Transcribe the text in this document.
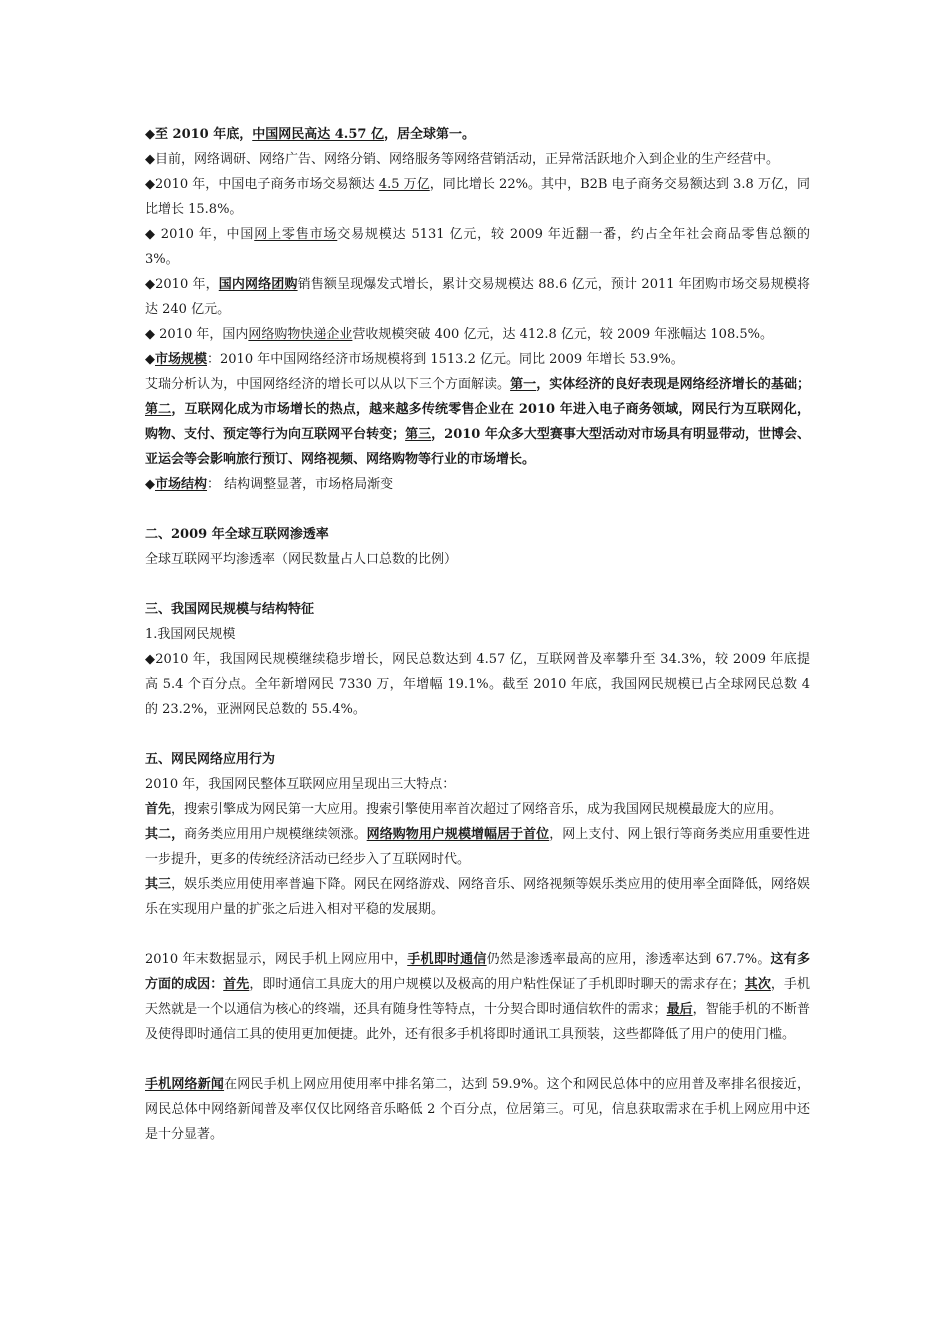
◆至 2010 年底，中国网民高达 4.57 亿，居全球第一。

◆目前，网络调研、网络广告、网络分销、网络服务等网络营销活动，正异常活跃地介入到企业的生产经营中。

◆2010 年，中国电子商务市场交易额达 4.5 万亿，同比增长 22%。其中，B2B 电子商务交易额达到 3.8 万亿，同比增长 15.8%。

◆ 2010 年，中国网上零售市场交易规模达 5131 亿元，较 2009 年近翻一番，约占全年社会商品零售总额的 3%。

◆2010 年，国内网络团购销售额呈现爆发式增长，累计交易规模达 88.6 亿元，预计 2011 年团购市场交易规模将达 240 亿元。

◆ 2010 年，国内网络购物快递企业营收规模突破 400 亿元，达 412.8 亿元，较 2009 年涨幅达 108.5%。

◆市场规模：2010 年中国网络经济市场规模将到 1513.2 亿元。同比 2009 年增长 53.9%。

艾瑞分析认为，中国网络经济的增长可以从以下三个方面解读。第一，实体经济的良好表现是网络经济增长的基础；第二，互联网化成为市场增长的热点，越来越多传统零售企业在 2010 年进入电子商务领域，网民行为互联网化，购物、支付、预定等行为向互联网平台转变；第三，2010 年众多大型赛事大型活动对市场具有明显带动，世博会、亚运会等会影响旅行预订、网络视频、网络购物等行业的市场增长。

◆市场结构： 结构调整显著，市场格局渐变

二、2009 年全球互联网渗透率

全球互联网平均渗透率（网民数量占人口总数的比例）

三、我国网民规模与结构特征

1.我国网民规模

◆2010 年，我国网民规模继续稳步增长，网民总数达到 4.57 亿，互联网普及率攀升至 34.3%，较 2009 年底提高 5.4 个百分点。全年新增网民 7330 万，年增幅 19.1%。截至 2010 年底，我国网民规模已占全球网民总数 4 的 23.2%，亚洲网民总数的 55.4%。

五、网民网络应用行为

2010 年，我国网民整体互联网应用呈现出三大特点：

首先，搜索引擎成为网民第一大应用。搜索引擎使用率首次超过了网络音乐，成为我国网民规模最庞大的应用。

其二，商务类应用用户规模继续领涨。网络购物用户规模增幅居于首位，网上支付、网上银行等商务类应用重要性进一步提升，更多的传统经济活动已经步入了互联网时代。

其三，娱乐类应用使用率普遍下降。网民在网络游戏、网络音乐、网络视频等娱乐类应用的使用率全面降低，网络娱乐在实现用户量的扩张之后进入相对平稳的发展期。

2010 年末数据显示，网民手机上网应用中，手机即时通信仍然是渗透率最高的应用，渗透率达到 67.7%。这有多方面的成因：首先，即时通信工具庞大的用户规模以及极高的用户粘性保证了手机即时聊天的需求存在；其次，手机天然就是一个以通信为核心的终端，还具有随身性等特点，十分契合即时通信软件的需求；最后，智能手机的不断普及使得即时通信工具的使用更加便捷。此外，还有很多手机将即时通讯工具预装，这些都降低了用户的使用门槛。

手机网络新闻在网民手机上网应用使用率中排名第二，达到 59.9%。这个和网民总体中的应用普及率排名很接近，网民总体中网络新闻普及率仅仅比网络音乐略低 2 个百分点，位居第三。可见，信息获取需求在手机上网应用中还是十分显著。
